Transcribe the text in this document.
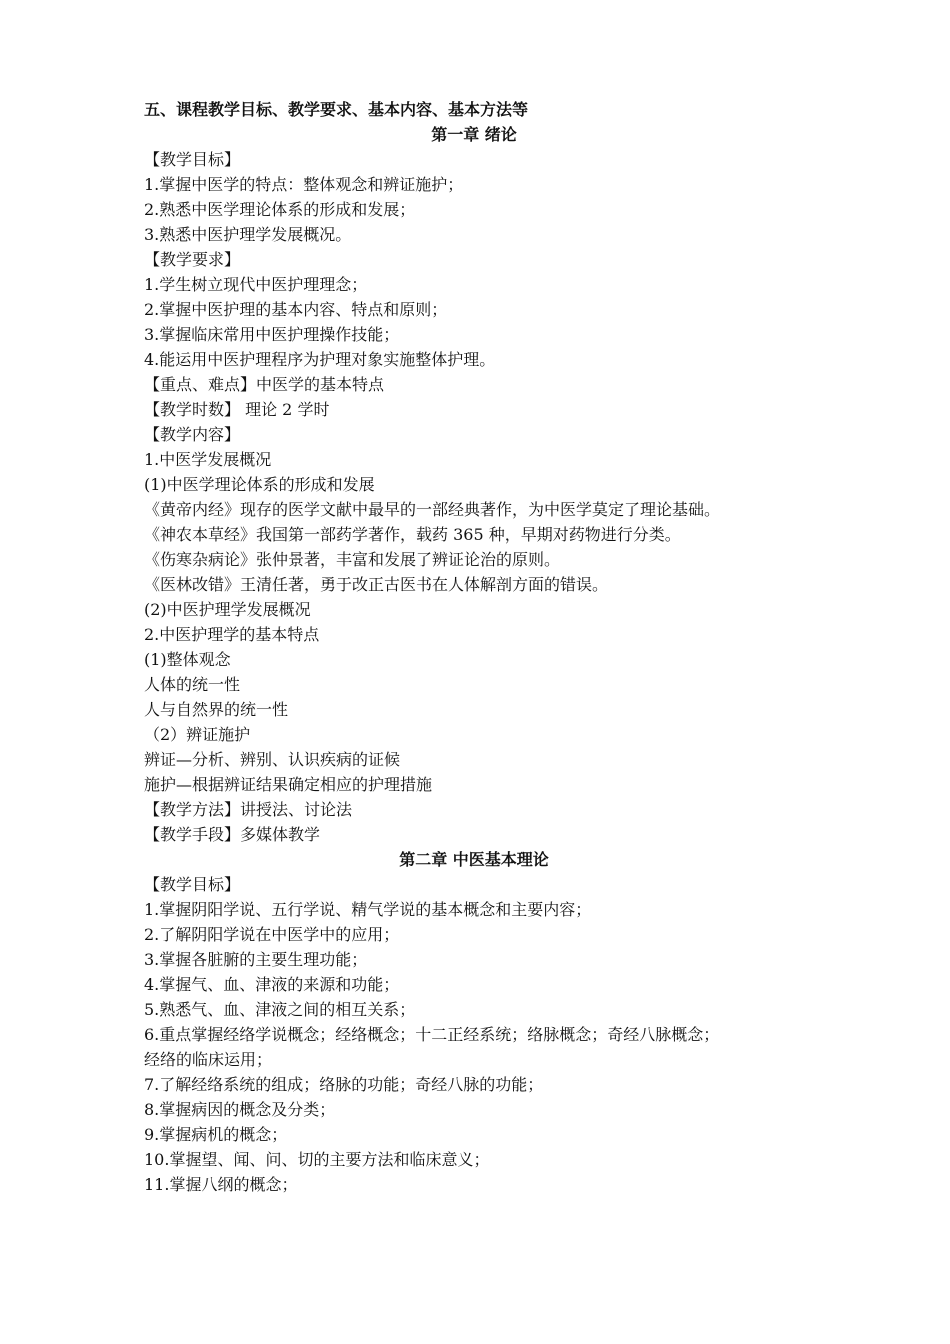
五、课程教学目标、教学要求、基本内容、基本方法等
第一章 绪论
【教学目标】
1.掌握中医学的特点：整体观念和辨证施护；
2.熟悉中医学理论体系的形成和发展；
3.熟悉中医护理学发展概况。
【教学要求】
1.学生树立现代中医护理理念；
2.掌握中医护理的基本内容、特点和原则；
3.掌握临床常用中医护理操作技能；
4.能运用中医护理程序为护理对象实施整体护理。
【重点、难点】中医学的基本特点
【教学时数】 理论 2 学时
【教学内容】
1.中医学发展概况
(1)中医学理论体系的形成和发展
《黄帝内经》现存的医学文献中最早的一部经典著作，为中医学莫定了理论基础。
《神农本草经》我国第一部药学著作，载药 365 种，早期对药物进行分类。
《伤寒杂病论》张仲景著，丰富和发展了辨证论治的原则。
《医林改错》王清任著，勇于改正古医书在人体解剖方面的错误。
(2)中医护理学发展概况
2.中医护理学的基本特点
(1)整体观念
人体的统一性
人与自然界的统一性
（2）辨证施护
辨证—分析、辨别、认识疾病的证候
施护—根据辨证结果确定相应的护理措施
【教学方法】讲授法、讨论法
【教学手段】多媒体教学
第二章 中医基本理论
【教学目标】
1.掌握阴阳学说、五行学说、精气学说的基本概念和主要内容；
2.了解阴阳学说在中医学中的应用；
3.掌握各脏腑的主要生理功能；
4.掌握气、血、津液的来源和功能；
5.熟悉气、血、津液之间的相互关系；
6.重点掌握经络学说概念；经络概念；十二正经系统；络脉概念；奇经八脉概念；
经络的临床运用；
7.了解经络系统的组成；络脉的功能；奇经八脉的功能；
8.掌握病因的概念及分类；
9.掌握病机的概念；
10.掌握望、闻、问、切的主要方法和临床意义；
11.掌握八纲的概念；
